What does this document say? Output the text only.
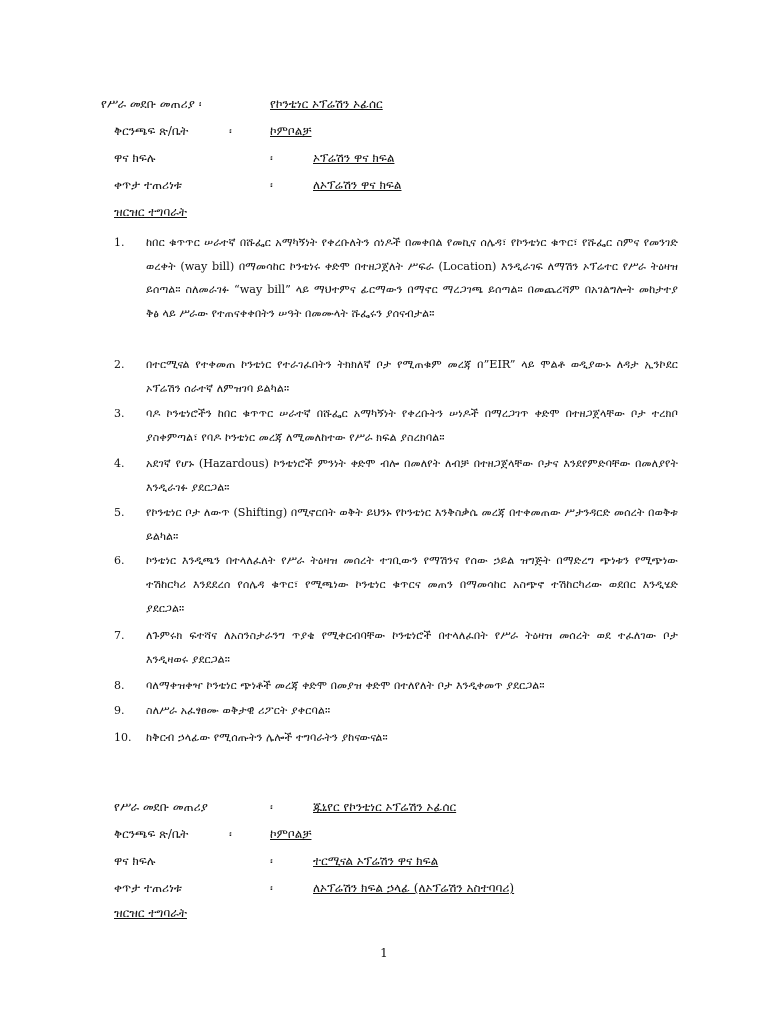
የሥራ መደቡ መጠሪያ ፡	የኮንቴነር ኦፕሬሽን ኦፊሰር
ቅርንጫፍ ጽ/ቤት	፡	ኮምቦልቻ
ዋና ክፍሉ	፡	ኦፕሬሽን ዋና ክፍል
ቀጥታ ተጠሪነቱ	፡	ለኦፕሬሽን ዋና ክፍል
ዝርዝር ተግባራት
1.	ከበር ቁጥጥር ሠራተኛ በሹፌር አማካኝነት የቀረቡለትን ሰነዶች በመቀበል የመኪና ሰሌዳ፣ የኮንቴነር ቁጥር፣ የሹፌር ስምና የመንገድ ወረቀት (way bill) በማመሳከር ኮንቴነሩ ቀድሞ በተዘጋጀለት ሥፍራ (Location) እንዲራገፍ ለማሽን ኦፕሬተር የሥራ ትዕዛዝ ይሰጣል። ስለመራገፉ “way bill” ላይ ማህተምና ፊርማውን በማኖር ማረጋገጫ ይሰጣል። በመጨረሻም በአገልግሎት መከታተያ ቅፅ ላይ ሥራው የተጠናቀቀበትን ሠዓት በመሙላት ሹፌሩን ያሰናብታል።
2.	በተርሚናል የተቀመጠ ኮንቴነር የተራገፈበትን ትክክለኛ ቦታ የሚጠቁም መረጃ በ”EIR” ላይ ሞልቶ ወዲያውኑ ለዳታ ኢንኮደር ኦፕሬሽን ሰራተኛ ለምዝገባ ይልካል።
3.	ባዶ ኮንቴነሮችን ከበር ቁጥጥር ሠራተኛ በሹፌር አማካኝነት የቀረቡትን ሠነዶች በማረጋገጥ ቀድሞ በተዘጋጀላቸው ቦታ ተረክቦ ያስቀምጣል፣ የባዶ ኮንቴነር መረጃ ለሚመለከተው የሥራ ክፍል ያስረክባል።
4.	አደገኛ የሆኑ (Hazardous) ኮንቴነሮች ምንነት ቀድሞ ብሎ በመለየት ለብቻ በተዘጋጀላቸው ቦታና እንደየምድባቸው በመለያየት እንዲራገፉ ያደርጋል።
5.	የኮንቴነር ቦታ ለውጥ (Shifting) በሚኖርበት ወቅት ይህንኑ የኮንቴነር እንቅስቃሴ መረጃ በተቀመጠው ሥታንዳርድ መሰረት በወቅቱ ይልካል።
6.	ኮንቴነር እንዲጫን በተላለፈለት የሥራ ትዕዛዝ መሰረት ተገቢውን የማሽንና የሰው ኃይል ዝግጅት በማድረግ ጭነቱን የሚጭነው ተሽከርካሪ እንደደረሰ የሰሌዳ ቁጥር፣ የሚጫነው ኮንቴነር ቁጥርና መጠን በማመሳከር አስጭኖ ተሽከርካሪው ወደበር እንዲሄድ ያደርጋል።
7.	ለጉምሩክ ፍተሻና ለአስንስታራንግ ጥያቄ የሚቀርብባቸው ኮንቴነሮች በተላለፈበት የሥራ ትዕዛዝ መሰረት ወደ ተፈለገው ቦታ እንዲዛወሩ ያደርጋል።
8.	ባለማቀዝቀዣ ኮንቴነር ጭነቶች መረጃ ቀድሞ በመያዝ ቀድሞ በተለየለት ቦታ እንዲቀመጥ ያደርጋል።
9.	ስለሥራ አፈፃፀሙ ወቅታዊ ሪፖርት ያቀርባል።
10.	ከቅርብ ኃላፊው የሚሰጡትን ሌሎች ተግባራትን ያከናውናል።
የሥራ መደቡ መጠሪያ	፡	ጁኒየር የኮንቴነር ኦፕሬሽን ኦፊሰር
ቅርንጫፍ ጽ/ቤት	፡	ኮምቦልቻ
ዋና ክፍሉ	፡	ተርሚናል ኦፕሬሽን ዋና ክፍል
ቀጥታ ተጠሪነቱ	፡	ለኦፕሬሽን ክፍል ኃላፊ (ለኦፕሬሽን አስተባባሪ)
ዝርዝር ተግባራት
1
